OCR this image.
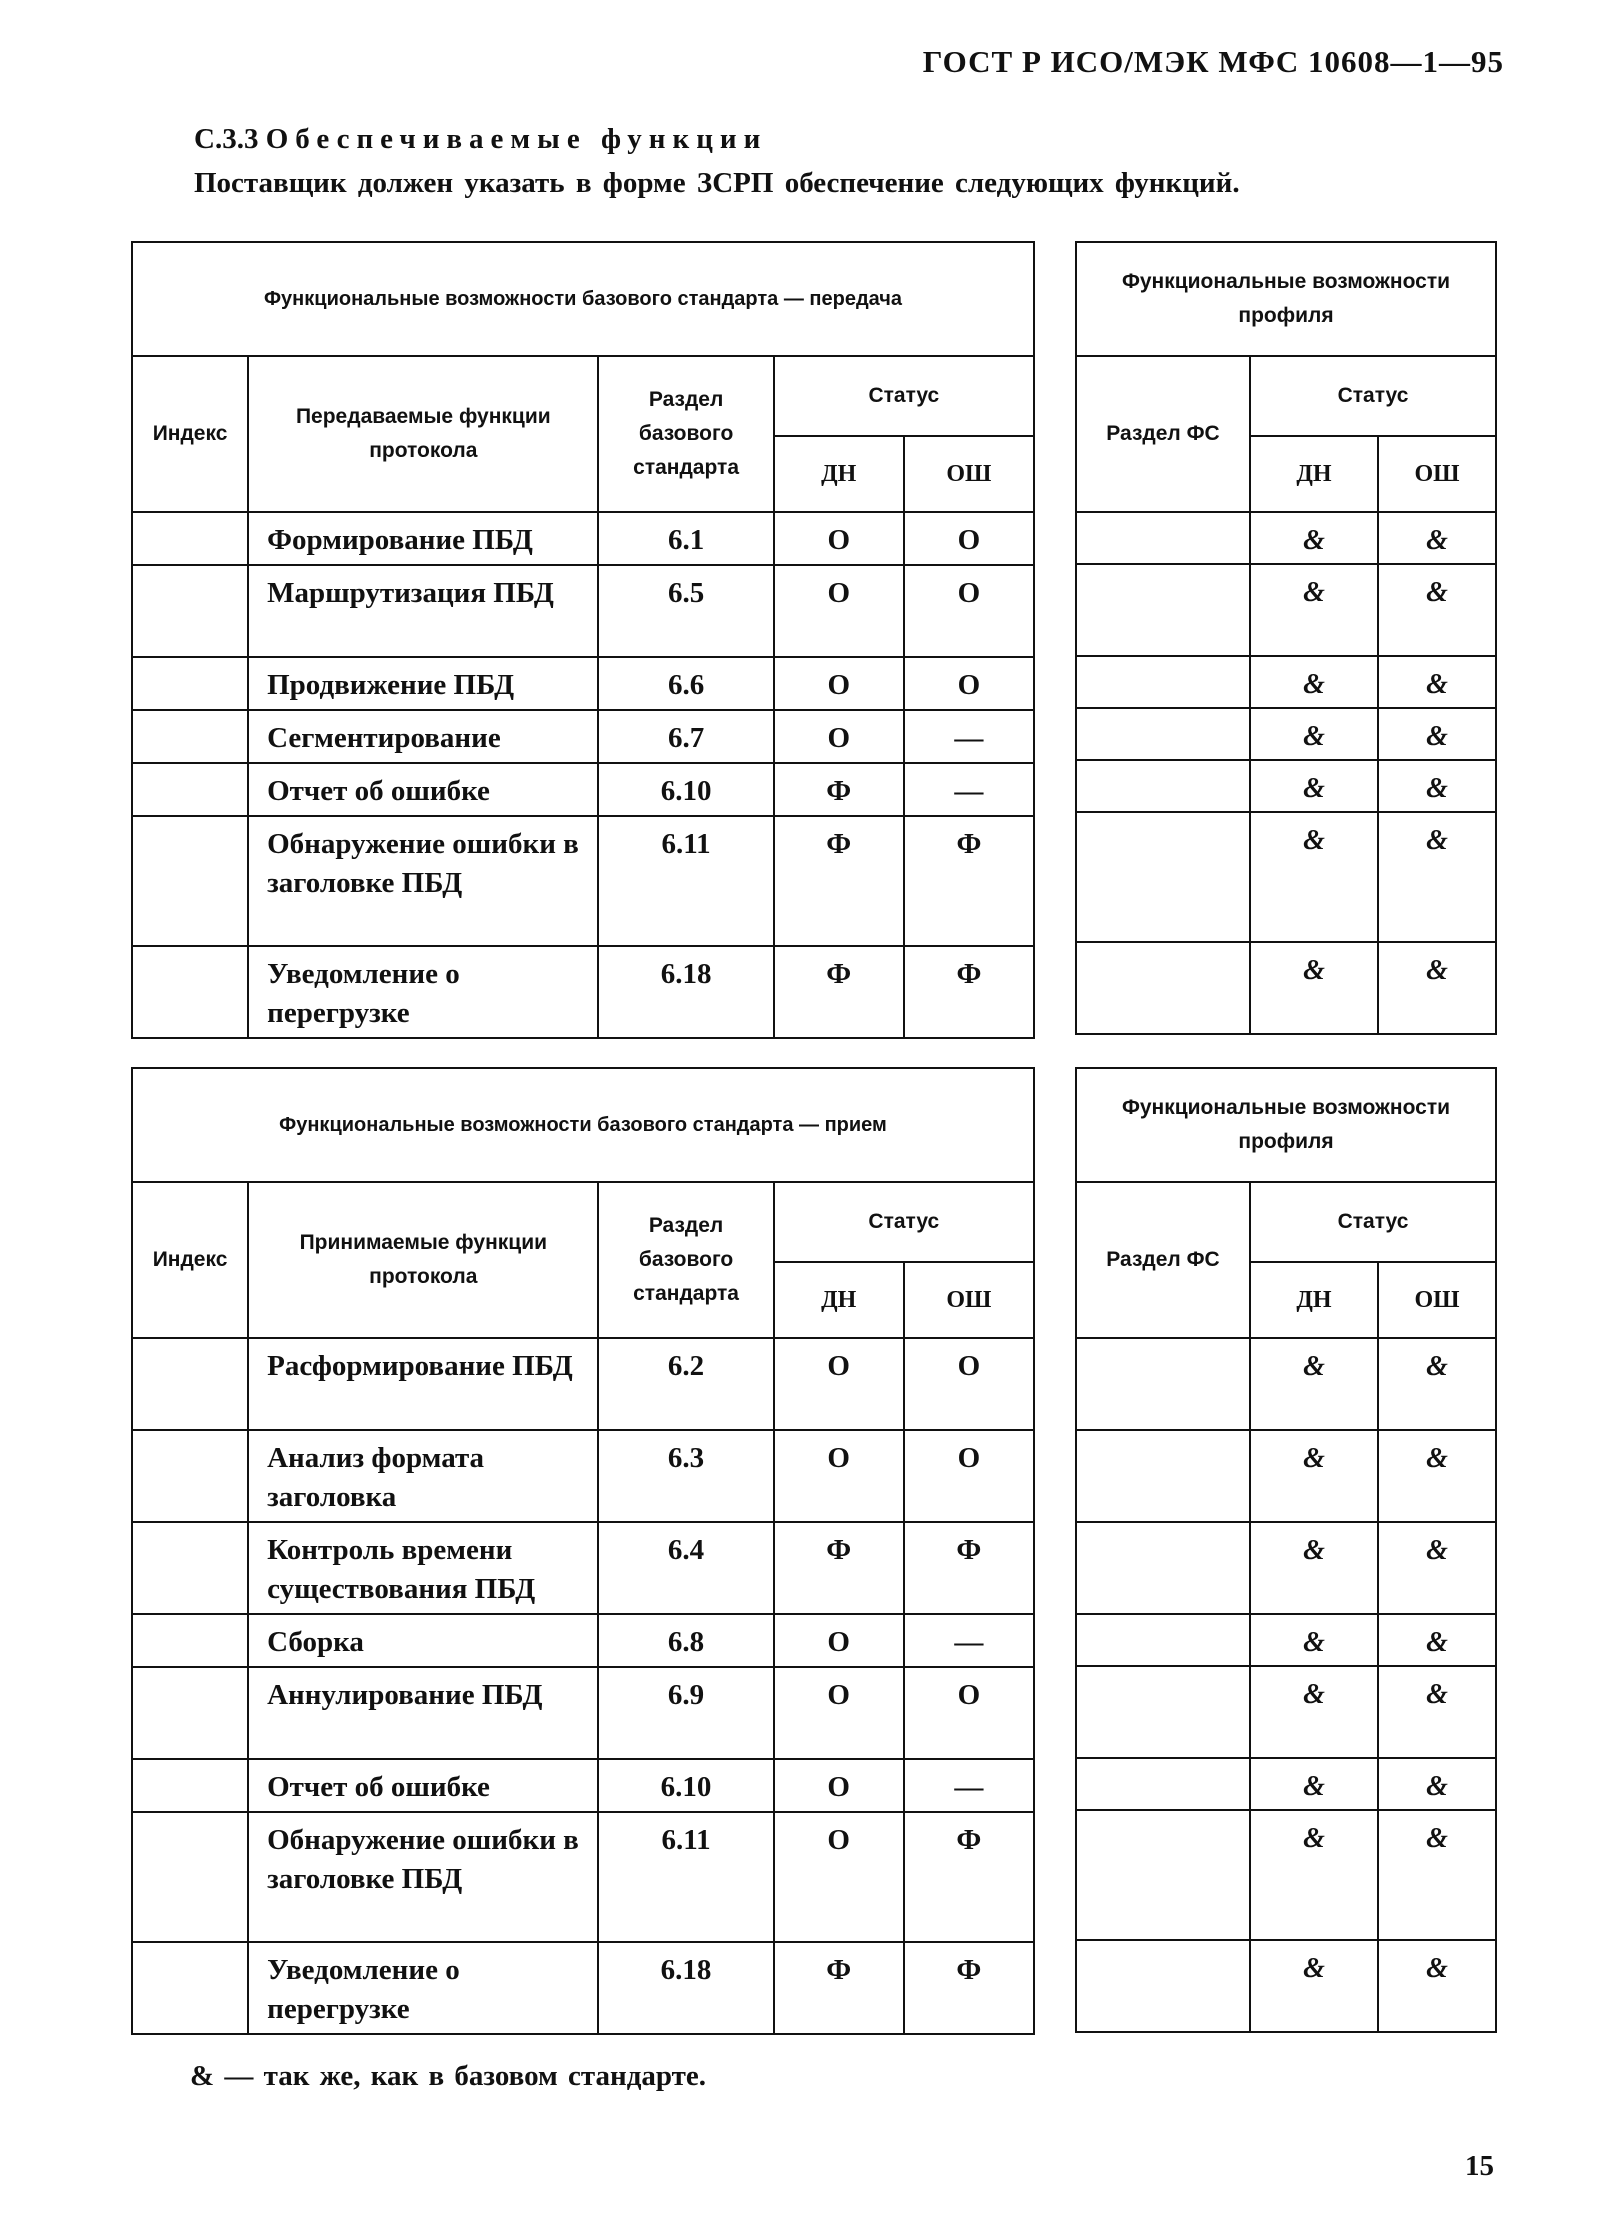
ГОСТ Р ИСО/МЭК МФС 10608—1—95
С.3.3 Обеспечиваемые функции
Поставщик должен указать в форме ЗСРП обеспечение следующих функций.
Функциональные возможности базового стандарта — передача				
Индекс	Передаваемые функции протокола	Раздел базового стандарта	Статус	
			ДН	ОШ
	Формирование ПБД	6.1	О	О
	Маршрутизация ПБД	6.5	О	О
	Продвижение ПБД	6.6	О	О
	Сегментирование	6.7	О	—
	Отчет об ошибке	6.10	Ф	—
	Обнаружение ошибки в заголовке ПБД	6.11	Ф	Ф
	Уведомление о перегрузке	6.18	Ф	Ф
Функциональные возможности профиля		
Раздел ФС	Статус	
	ДН	ОШ
	&	&
	&	&
	&	&
	&	&
	&	&
	&	&
	&	&
Функциональные возможности базового стандарта — прием				
Индекс	Принимаемые функции протокола	Раздел базового стандарта	Статус	
			ДН	ОШ
	Расформирование ПБД	6.2	О	О
	Анализ формата заголовка	6.3	О	О
	Контроль времени существования ПБД	6.4	Ф	Ф
	Сборка	6.8	О	—
	Аннулирование ПБД	6.9	О	О
	Отчет об ошибке	6.10	О	—
	Обнаружение ошибки в заголовке ПБД	6.11	О	Ф
	Уведомление о перегрузке	6.18	Ф	Ф
Функциональные возможности профиля		
Раздел ФС	Статус	
	ДН	ОШ
	&	&
	&	&
	&	&
	&	&
	&	&
	&	&
	&	&
	&	&
& — так же, как в базовом стандарте.
15
